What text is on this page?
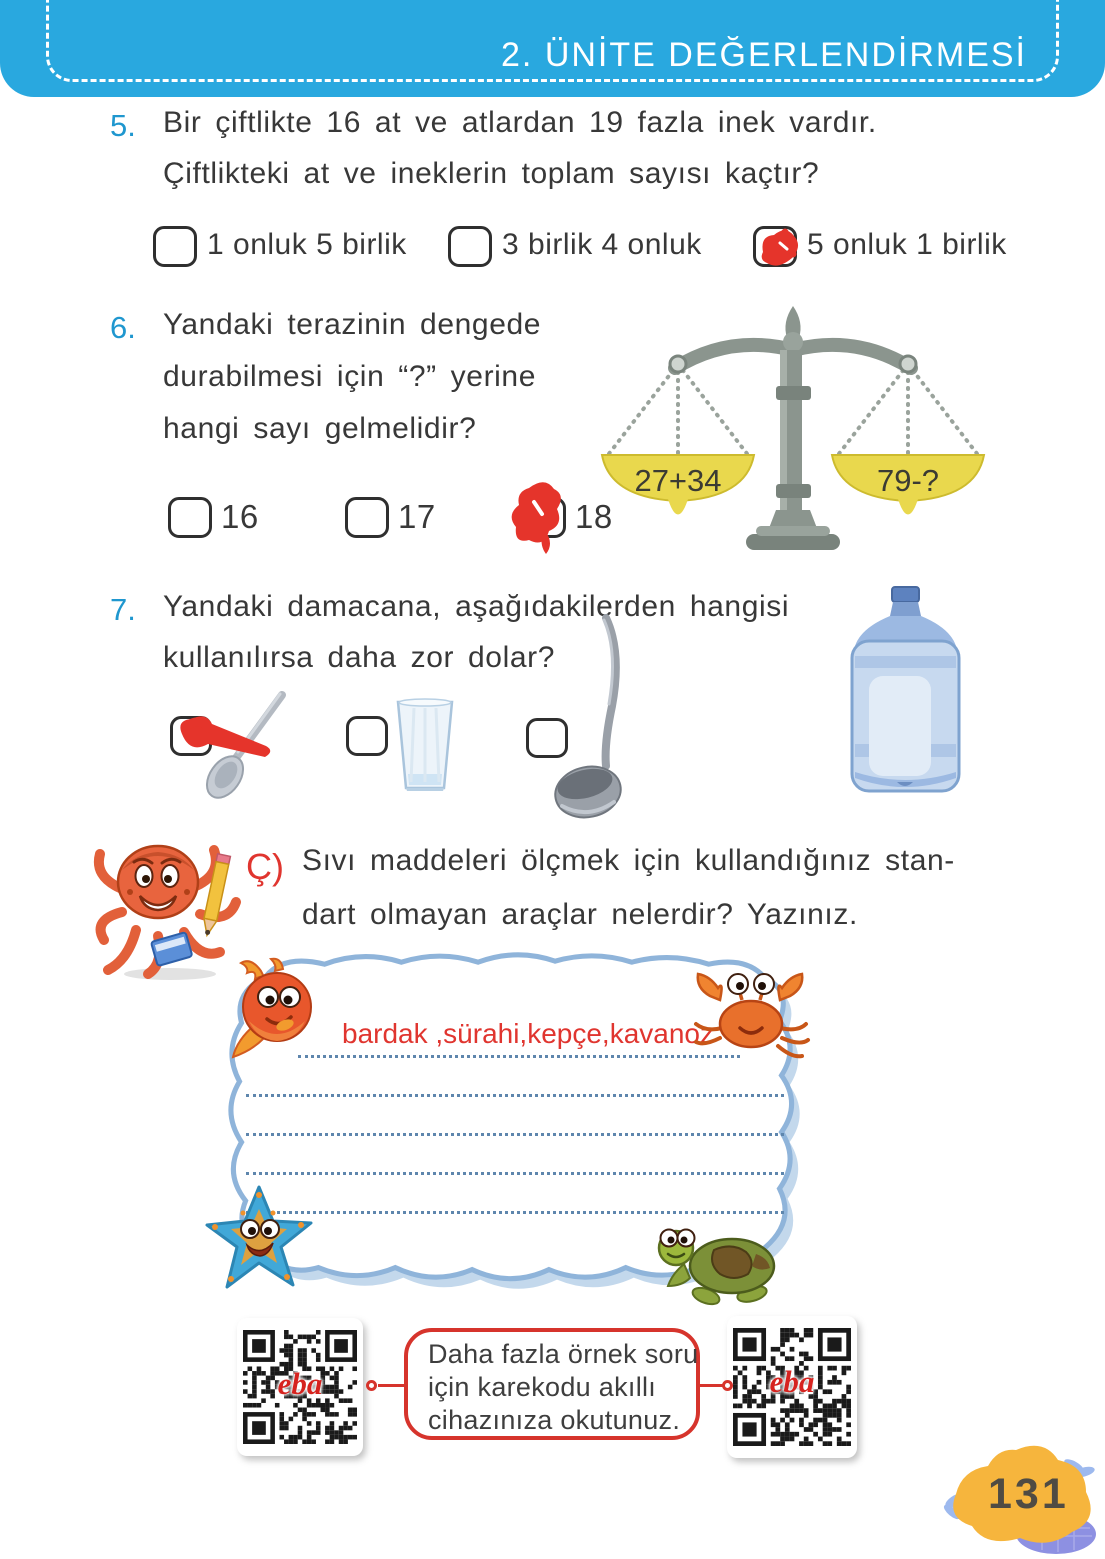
2. ÜNİTE DEĞERLENDİRMESİ
5. Bir çiftlikte 16 at ve atlardan 19 fazla inek vardır.
Çiftlikteki at ve ineklerin toplam sayısı kaçtır?
1 onluk 5 birlik	3 birlik 4 onluk	5 onluk 1 birlik
6. Yandaki terazinin dengede
durabilmesi için “?” yerine
hangi sayı gelmelidir?
27+34	79-?
16	17	18
7. Yandaki damacana, aşağıdakilerden hangisi
kullanılırsa daha zor dolar?
Ç) Sıvı maddeleri ölçmek için kullandığınız stan-
dart olmayan araçlar nelerdir? Yazınız.
bardak ,sürahi,kepçe,kavanoz
eba	eba
Daha fazla örnek soru
için karekodu akıllı
cihazınıza okutunuz.
131
